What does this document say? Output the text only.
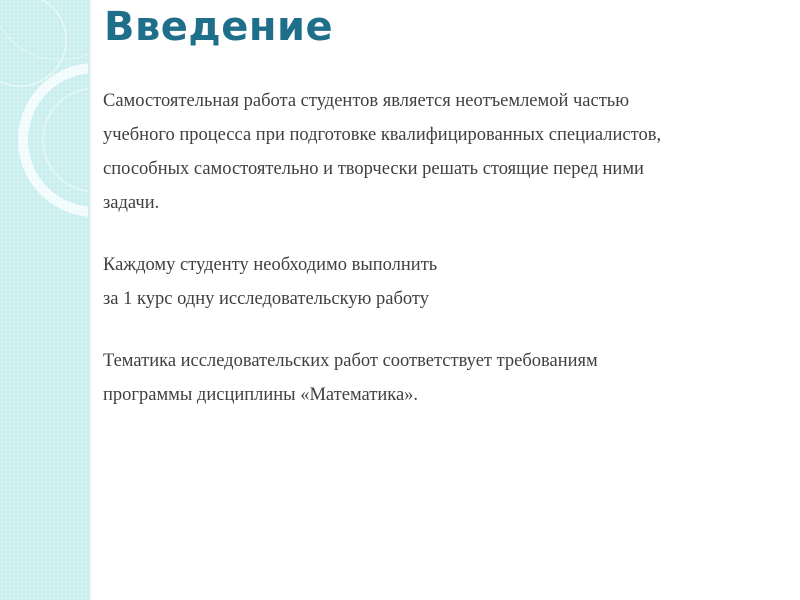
Введение

Самостоятельная работа студентов является неотъемлемой частью
учебного процесса при подготовке квалифицированных специалистов,
способных самостоятельно и творчески решать стоящие перед ними
задачи.

Каждому студенту необходимо выполнить
за 1 курс одну исследовательскую работу

Тематика исследовательских работ соответствует требованиям
программы дисциплины «Математика».
